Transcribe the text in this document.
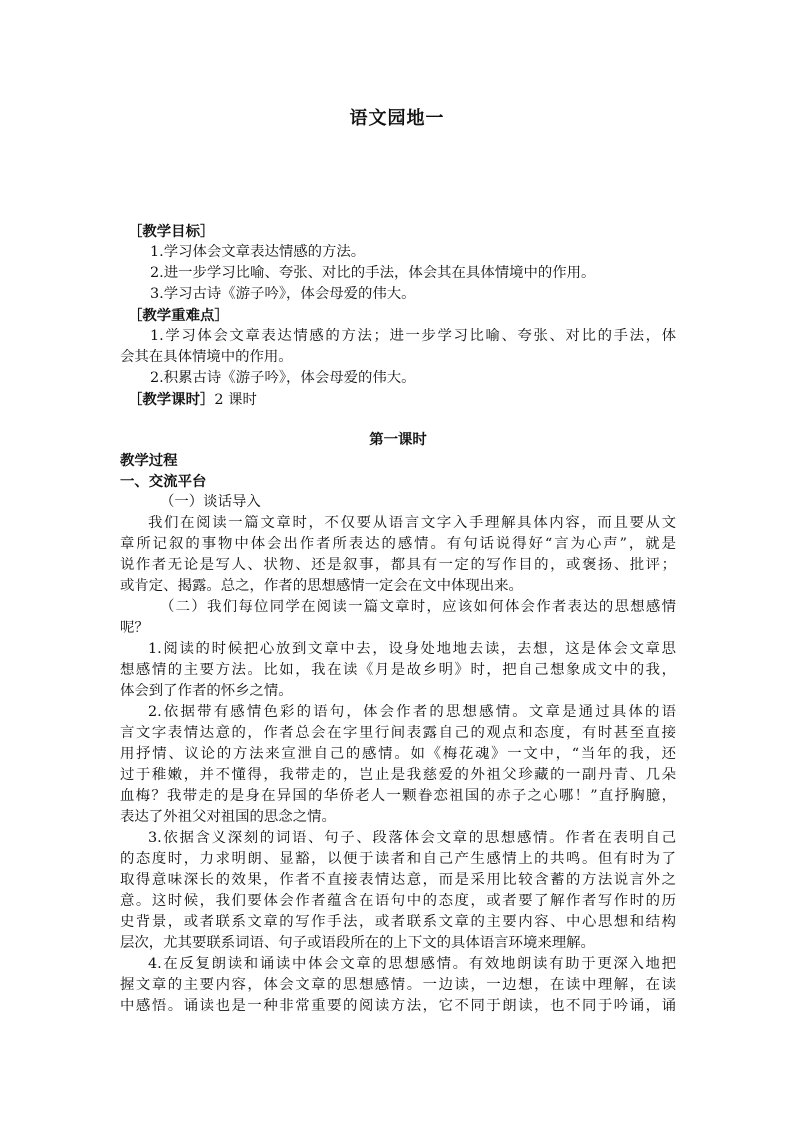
语文园地一
［教学目标］
1.学习体会文章表达情感的方法。
2.进一步学习比喻、夸张、对比的手法，体会其在具体情境中的作用。
3.学习古诗《游子吟》，体会母爱的伟大。
［教学重难点］
1.学习体会文章表达情感的方法；进一步学习比喻、夸张、对比的手法，体
会其在具体情境中的作用。
2.积累古诗《游子吟》，体会母爱的伟大。
［教学课时］2 课时
第一课时
教学过程
一、交流平台
（一）谈话导入
我们在阅读一篇文章时，不仅要从语言文字入手理解具体内容，而且要从文
章所记叙的事物中体会出作者所表达的感情。有句话说得好“言为心声”，就是
说作者无论是写人、状物、还是叙事，都具有一定的写作目的，或褒扬、批评；
或肯定、揭露。总之，作者的思想感情一定会在文中体现出来。
（二）我们每位同学在阅读一篇文章时，应该如何体会作者表达的思想感情
呢？
1.阅读的时候把心放到文章中去，设身处地地去读，去想，这是体会文章思
想感情的主要方法。比如，我在读《月是故乡明》时，把自己想象成文中的我，
体会到了作者的怀乡之情。
2.依据带有感情色彩的语句，体会作者的思想感情。文章是通过具体的语
言文字表情达意的，作者总会在字里行间表露自己的观点和态度，有时甚至直接
用抒情、议论的方法来宣泄自己的感情。如《梅花魂》一文中，“当年的我，还
过于稚嫩，并不懂得，我带走的，岂止是我慈爱的外祖父珍藏的一副丹青、几朵
血梅？我带走的是身在异国的华侨老人一颗眷恋祖国的赤子之心哪！”直抒胸臆，
表达了外祖父对祖国的思念之情。
3.依据含义深刻的词语、句子、段落体会文章的思想感情。作者在表明自己
的态度时，力求明朗、显豁，以便于读者和自己产生感情上的共鸣。但有时为了
取得意味深长的效果，作者不直接表情达意，而是采用比较含蓄的方法说言外之
意。这时候，我们要体会作者蕴含在语句中的态度，或者要了解作者写作时的历
史背景，或者联系文章的写作手法，或者联系文章的主要内容、中心思想和结构
层次，尤其要联系词语、句子或语段所在的上下文的具体语言环境来理解。
4.在反复朗读和诵读中体会文章的思想感情。有效地朗读有助于更深入地把
握文章的主要内容，体会文章的思想感情。一边读，一边想，在读中理解，在读
中感悟。诵读也是一种非常重要的阅读方法，它不同于朗读，也不同于吟诵，诵
